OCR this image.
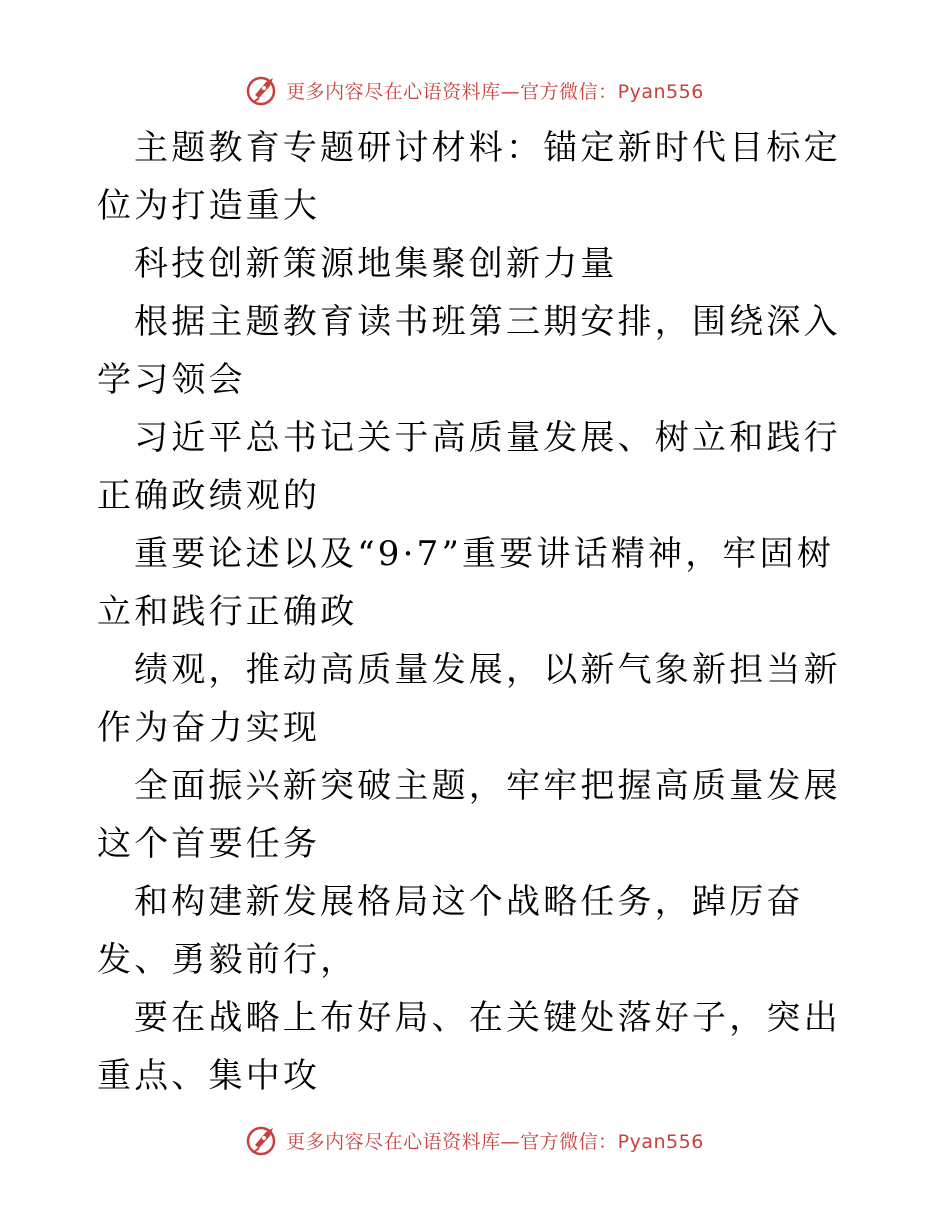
更多内容尽在心语资料库—官方微信：Pyan556

主题教育专题研讨材料：锚定新时代目标定位为打造重大

科技创新策源地集聚创新力量

根据主题教育读书班第三期安排，围绕深入学习领会

习近平总书记关于高质量发展、树立和践行正确政绩观的

重要论述以及“9·7”重要讲话精神，牢固树立和践行正确政

绩观，推动高质量发展，以新气象新担当新作为奋力实现

全面振兴新突破主题，牢牢把握高质量发展这个首要任务

和构建新发展格局这个战略任务，踔厉奋发、勇毅前行，

要在战略上布好局、在关键处落好子，突出重点、集中攻

更多内容尽在心语资料库—官方微信：Pyan556
